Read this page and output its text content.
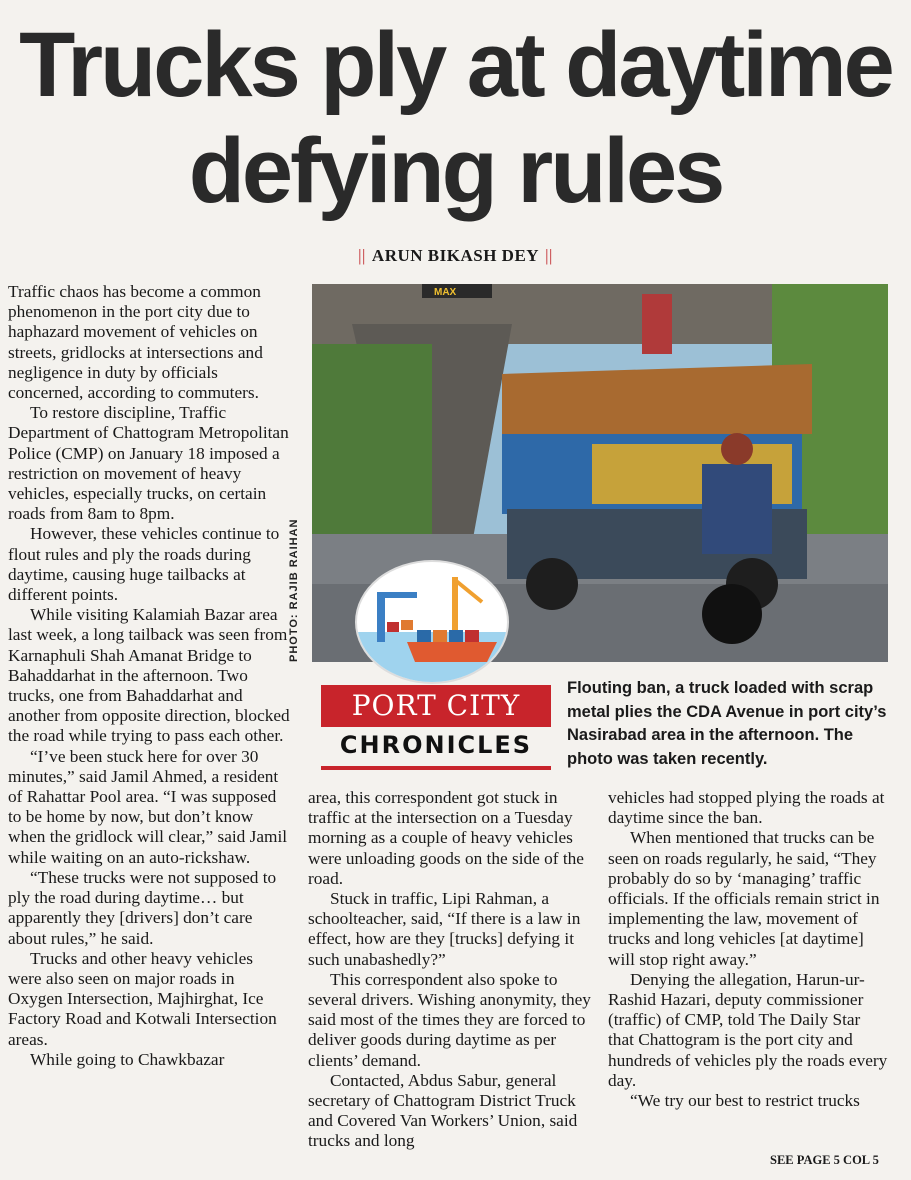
Trucks ply at daytime
defying rules
|| ARUN BIKASH DEY ||

Traffic chaos has become a common phenomenon in the port city due to haphazard movement of vehicles on streets, gridlocks at intersections and negligence in duty by officials concerned, according to commuters.

To restore discipline, Traffic Department of Chattogram Metropolitan Police (CMP) on January 18 imposed a restriction on movement of heavy vehicles, especially trucks, on certain roads from 8am to 8pm.

However, these vehicles continue to flout rules and ply the roads during daytime, causing huge tailbacks at different points.

While visiting Kalamiah Bazar area last week, a long tailback was seen from Karnaphuli Shah Amanat Bridge to Bahaddarhat in the afternoon. Two trucks, one from Bahaddarhat and another from opposite direction, blocked the road while trying to pass each other.

“I’ve been stuck here for over 30 minutes,” said Jamil Ahmed, a resident of Rahattar Pool area. “I was supposed to be home by now, but don’t know when the gridlock will clear,” said Jamil while waiting on an auto-rickshaw.

“These trucks were not supposed to ply the road during daytime… but apparently they [drivers] don’t care about rules,” he said.

Trucks and other heavy vehicles were also seen on major roads in Oxygen Intersection, Majhirghat, Ice Factory Road and Kotwali Intersection areas.

While going to Chawkbazar

MAX
PHOTO: RAJIB RAIHAN
PORT CITY
CHRONICLES
Flouting ban, a truck loaded with scrap metal plies the CDA Avenue in port city’s Nasirabad area in the afternoon. The photo was taken recently.

area, this correspondent got stuck in traffic at the intersection on a Tuesday morning as a couple of heavy vehicles were unloading goods on the side of the road.

Stuck in traffic, Lipi Rahman, a schoolteacher, said, “If there is a law in effect, how are they [trucks] defying it such unabashedly?”

This correspondent also spoke to several drivers. Wishing anonymity, they said most of the times they are forced to deliver goods during daytime as per clients’ demand.

Contacted, Abdus Sabur, general secretary of Chattogram District Truck and Covered Van Workers’ Union, said trucks and long

vehicles had stopped plying the roads at daytime since the ban.

When mentioned that trucks can be seen on roads regularly, he said, “They probably do so by ‘managing’ traffic officials. If the officials remain strict in implementing the law, movement of trucks and long vehicles [at daytime] will stop right away.”

Denying the allegation, Harun-ur-Rashid Hazari, deputy commissioner (traffic) of CMP, told The Daily Star that Chattogram is the port city and hundreds of vehicles ply the roads every day.

“We try our best to restrict trucks

SEE PAGE 5 COL 5
